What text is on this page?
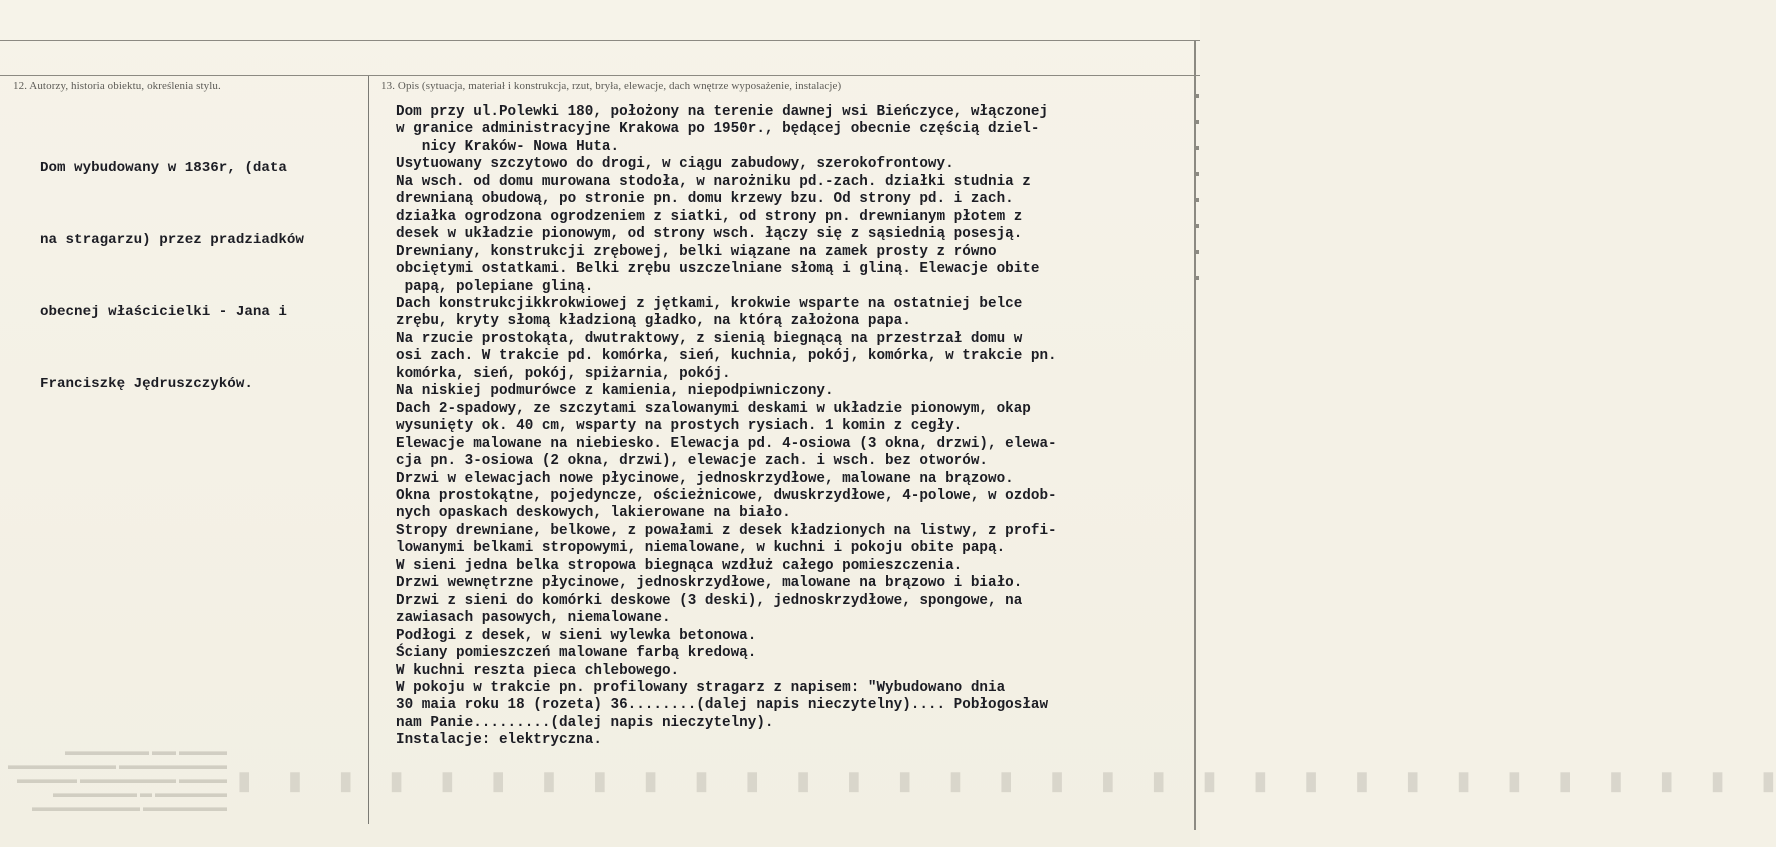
12. Autorzy, historia obiektu, określenia stylu.	13. Opis (sytuacja, materiał i konstrukcja, rzut, bryła, elewacje, dach wnętrze wyposażenie, instalacje)

Dom wybudowany w 1836r, (data

na stragarzu) przez pradziadków

obecnej właścicielki - Jana i

Franciszkę Jędruszczyków.

Dom przy ul.Polewki 180, położony na terenie dawnej wsi Bieńczyce, włączonej
w granice administracyjne Krakowa po 1950r., będącej obecnie częścią dziel-
nicy Kraków- Nowa Huta.
Usytuowany szczytowo do drogi, w ciągu zabudowy, szerokofrontowy.
Na wsch. od domu murowana stodoła, w narożniku pd.-zach. działki studnia z
drewnianą obudową, po stronie pn. domu krzewy bzu. Od strony pd. i zach.
działka ogrodzona ogrodzeniem z siatki, od strony pn. drewnianym płotem z
desek w układzie pionowym, od strony wsch. łączy się z sąsiednią posesją.
Drewniany, konstrukcji zrębowej, belki wiązane na zamek prosty z równo
obciętymi ostatkami. Belki zrębu uszczelniane słomą i gliną. Elewacje obite
papą, polepiane gliną.
Dach konstrukcjikkrokwiowej z jętkami, krokwie wsparte na ostatniej belce
zrębu, kryty słomą kładzioną gładko, na którą założona papa.
Na rzucie prostokąta, dwutraktowy, z sienią biegnącą na przestrzał domu w
osi zach. W trakcie pd. komórka, sień, kuchnia, pokój, komórka, w trakcie pn.
komórka, sień, pokój, spiżarnia, pokój.
Na niskiej podmurówce z kamienia, niepodpiwniczony.
Dach 2-spadowy, ze szczytami szalowanymi deskami w układzie pionowym, okap
wysunięty ok. 40 cm, wsparty na prostych rysiach. 1 komin z cegły.
Elewacje malowane na niebiesko. Elewacja pd. 4-osiowa (3 okna, drzwi), elewa-
cja pn. 3-osiowa (2 okna, drzwi), elewacje zach. i wsch. bez otworów.
Drzwi w elewacjach nowe płycinowe, jednoskrzydłowe, malowane na brązowo.
Okna prostokątne, pojedyncze, ościeżnicowe, dwuskrzydłowe, 4-polowe, w ozdob-
nych opaskach deskowych, lakierowane na biało.
Stropy drewniane, belkowe, z powałami z desek kładzionych na listwy, z profi-
lowanymi belkami stropowymi, niemalowane, w kuchni i pokoju obite papą.
W sieni jedna belka stropowa biegnąca wzdłuż całego pomieszczenia.
Drzwi wewnętrzne płycinowe, jednoskrzydłowe, malowane na brązowo i biało.
Drzwi z sieni do komórki deskowe (3 deski), jednoskrzydłowe, spongowe, na
zawiasach pasowych, niemalowane.
Podłogi z desek, w sieni wylewka betonowa.
Ściany pomieszczeń malowane farbą kredową.
W kuchni reszta pieca chlebowego.
W pokoju w trakcie pn. profilowany stragarz z napisem: "Wybudowano dnia
30 maia roku 18 (rozeta) 36........(dalej napis nieczytelny).... Pobłogosław
nam Panie.........(dalej napis nieczytelny).
Instalacje: elektryczna.
▬▬▬▬ ▬▬ ▬▬▬▬▬▬▬
▬▬▬▬▬▬▬▬▬ ▬▬▬▬▬▬▬▬▬
▬▬▬▬ ▬▬▬▬▬▬▬▬ ▬▬▬▬▬
▬▬▬▬▬▬ ▬ ▬▬▬▬▬▬▬
▬▬▬▬▬▬▬ ▬▬▬▬▬▬▬▬▬
▮ ▮ ▮ ▮ ▮ ▮ ▮ ▮ ▮ ▮ ▮ ▮ ▮ ▮ ▮ ▮ ▮ ▮ ▮ ▮ ▮ ▮ ▮ ▮ ▮ ▮ ▮ ▮ ▮ ▮ ▮
